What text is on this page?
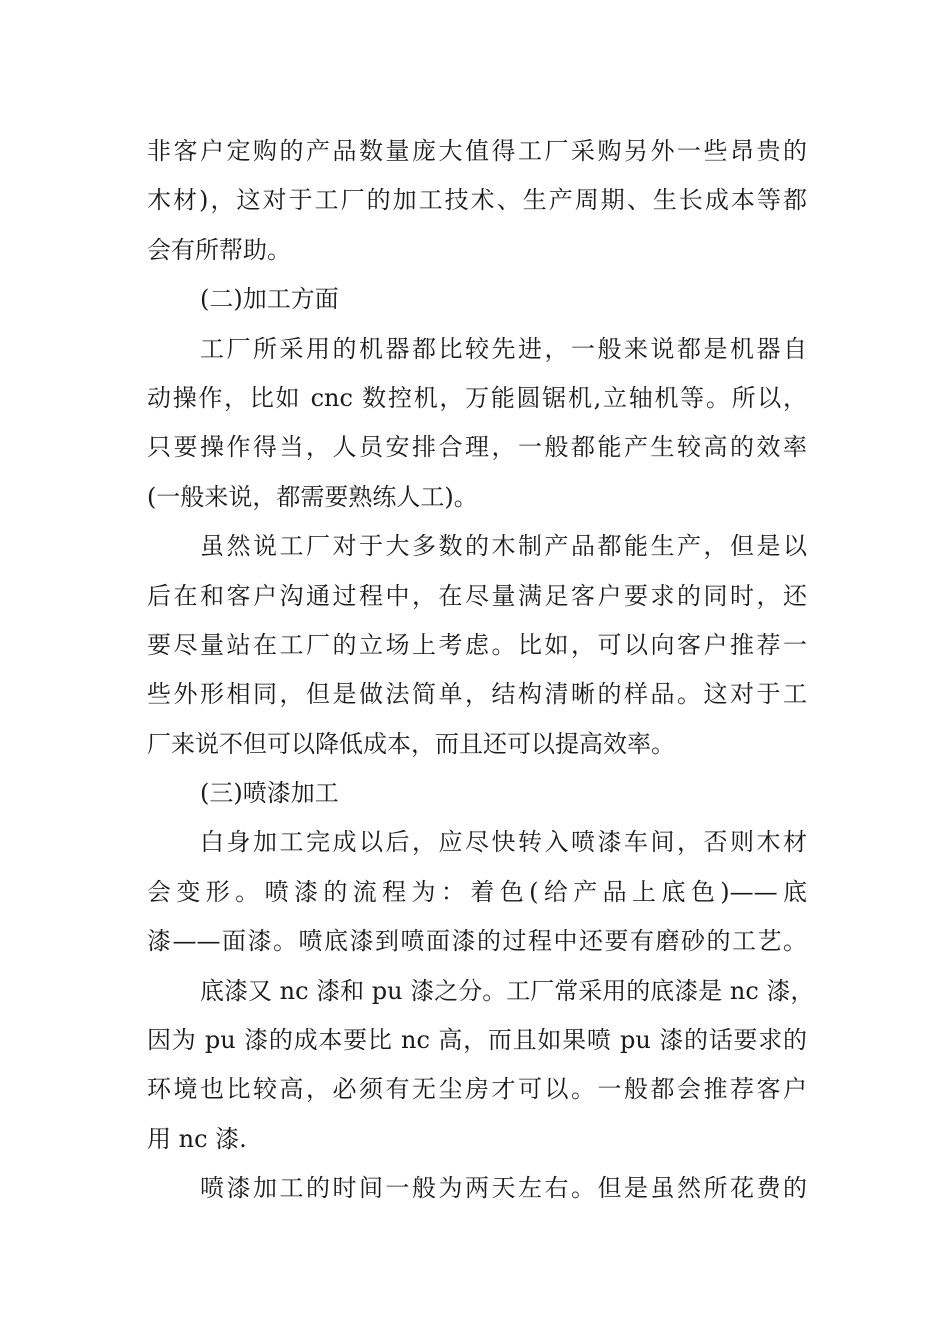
非客户定购的产品数量庞大值得工厂采购另外一些昂贵的
木材)，这对于工厂的加工技术、生产周期、生长成本等都
会有所帮助。
(二)加工方面
工厂所采用的机器都比较先进，一般来说都是机器自
动操作，比如 cnc 数控机，万能圆锯机,立轴机等。所以，
只要操作得当，人员安排合理，一般都能产生较高的效率
(一般来说，都需要熟练人工)。
虽然说工厂对于大多数的木制产品都能生产，但是以
后在和客户沟通过程中，在尽量满足客户要求的同时，还
要尽量站在工厂的立场上考虑。比如，可以向客户推荐一
些外形相同，但是做法简单，结构清晰的样品。这对于工
厂来说不但可以降低成本，而且还可以提高效率。
(三)喷漆加工
白身加工完成以后，应尽快转入喷漆车间，否则木材
会变形。喷漆的流程为：着色(给产品上底色)——底
漆——面漆。喷底漆到喷面漆的过程中还要有磨砂的工艺。
底漆又 nc 漆和 pu 漆之分。工厂常采用的底漆是 nc 漆，
因为 pu 漆的成本要比 nc 高，而且如果喷 pu 漆的话要求的
环境也比较高，必须有无尘房才可以。一般都会推荐客户
用 nc 漆.
喷漆加工的时间一般为两天左右。但是虽然所花费的
